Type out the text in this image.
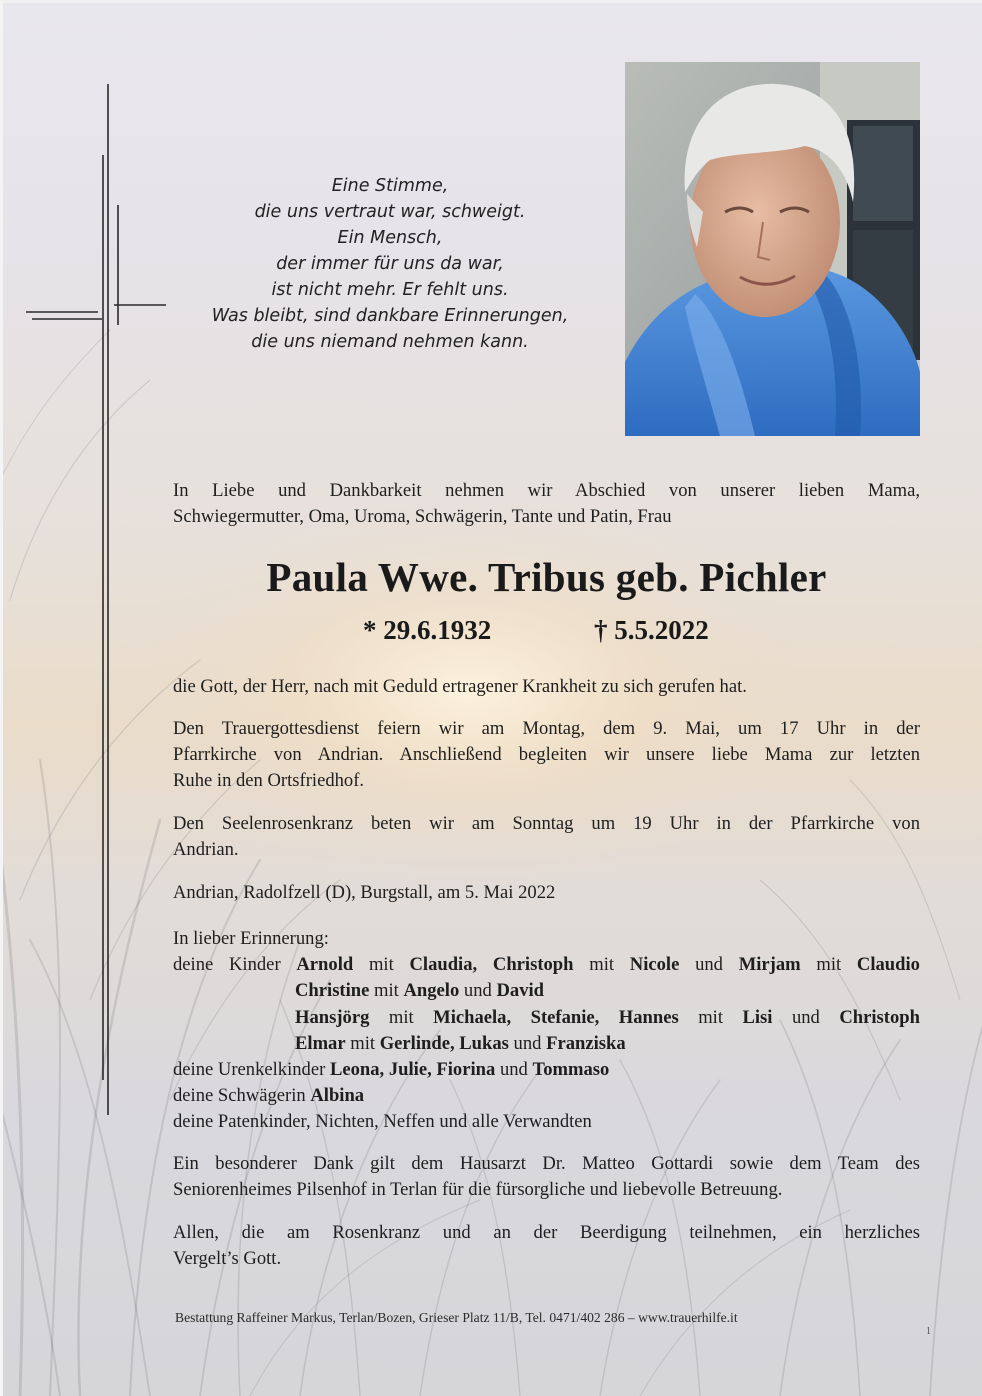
Eine Stimme,
die uns vertraut war, schweigt.
Ein Mensch,
der immer für uns da war,
ist nicht mehr. Er fehlt uns.
Was bleibt, sind dankbare Erinnerungen,
die uns niemand nehmen kann.
In Liebe und Dankbarkeit nehmen wir Abschied von unserer lieben Mama,
Schwiegermutter, Oma, Uroma, Schwägerin, Tante und Patin, Frau
Paula Wwe. Tribus geb. Pichler
* 29.6.1932	† 5.5.2022
die Gott, der Herr, nach mit Geduld ertragener Krankheit zu sich gerufen hat.
Den Trauergottesdienst feiern wir am Montag, dem 9. Mai, um 17 Uhr in der
Pfarrkirche von Andrian. Anschließend begleiten wir unsere liebe Mama zur letzten
Ruhe in den Ortsfriedhof.
Den Seelenrosenkranz beten wir am Sonntag um 19 Uhr in der Pfarrkirche von
Andrian.
Andrian, Radolfzell (D), Burgstall, am 5. Mai 2022
In lieber Erinnerung:
deine Kinder Arnold mit Claudia, Christoph mit Nicole und Mirjam mit Claudio
Christine mit Angelo und David
Hansjörg mit Michaela, Stefanie, Hannes mit Lisi und Christoph
Elmar mit Gerlinde, Lukas und Franziska
deine Urenkelkinder Leona, Julie, Fiorina und Tommaso
deine Schwägerin Albina
deine Patenkinder, Nichten, Neffen und alle Verwandten
Ein besonderer Dank gilt dem Hausarzt Dr. Matteo Gottardi sowie dem Team des
Seniorenheimes Pilsenhof in Terlan für die fürsorgliche und liebevolle Betreuung.
Allen, die am Rosenkranz und an der Beerdigung teilnehmen, ein herzliches
Vergelt’s Gott.
Bestattung Raffeiner Markus, Terlan/Bozen, Grieser Platz 11/B, Tel. 0471/402 286 – www.trauerhilfe.it
1
